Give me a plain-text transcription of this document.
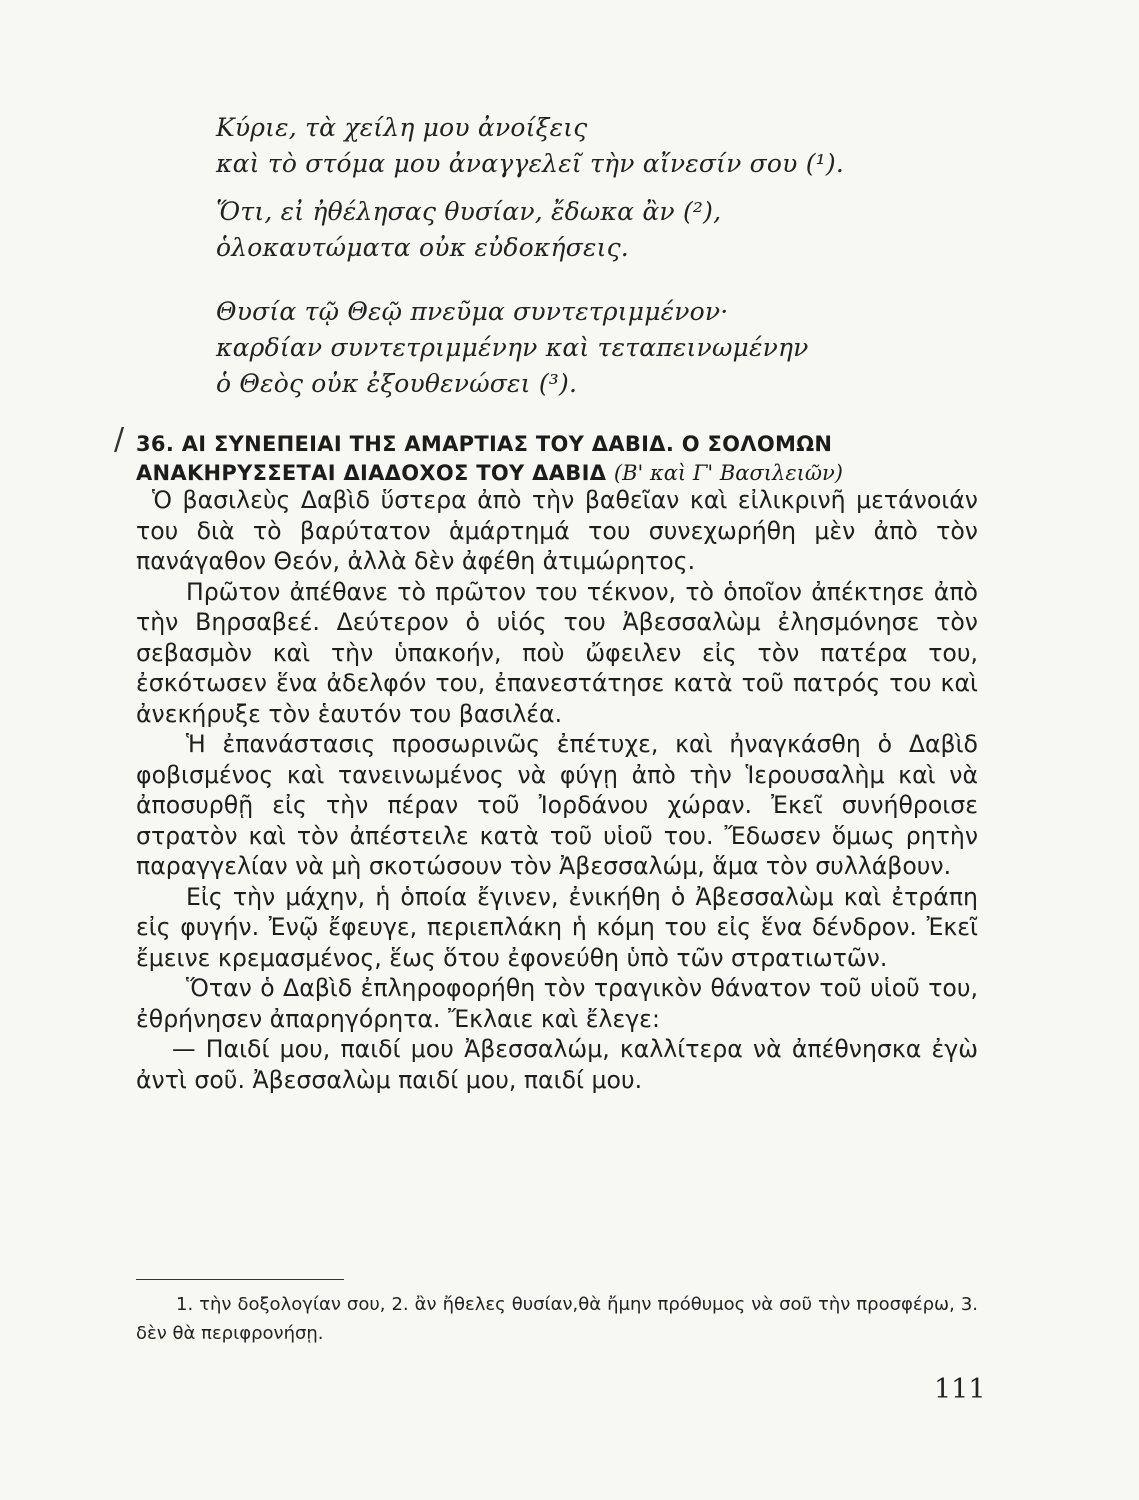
Κύριε, τὰ χείλη μου ἀνοίξεις
καὶ τὸ στόμα μου ἀναγγελεῖ τὴν αἴνεσίν σου (¹).
Ὅτι, εἰ ἠθέλησας θυσίαν, ἔδωκα ἂν (²),
ὁλοκαυτώματα οὐκ εὐδοκήσεις.
Θυσία τῷ Θεῷ πνεῦμα συντετριμμένον·
καρδίαν συντετριμμένην καὶ τεταπεινωμένην
ὁ Θεὸς οὐκ ἐξουθενώσει (³).
/ 36. ΑΙ ΣΥΝΕΠΕΙΑΙ ΤΗΣ ΑΜΑΡΤΙΑΣ ΤΟΥ ΔΑΒΙΔ. Ο ΣΟΛΟΜΩΝ ΑΝΑΚΗΡΥΣΣΕΤΑΙ ΔΙΑΔΟΧΟΣ ΤΟΥ ΔΑΒΙΔ (Β' καὶ Γ' Βασιλειῶν)

Ὁ βασιλεὺς Δαβὶδ ὕστερα ἀπὸ τὴν βαθεῖαν καὶ εἰλικρινῆ μετάνοιάν του διὰ τὸ βαρύτατον ἁμάρτημά του συνεχωρήθη μὲν ἀπὸ τὸν πανάγαθον Θεόν, ἀλλὰ δὲν ἀφέθη ἀτιμώρητος.

Πρῶτον ἀπέθανε τὸ πρῶτον του τέκνον, τὸ ὁποῖον ἀπέκτησε ἀπὸ τὴν Βηρσαβεέ. Δεύτερον ὁ υἱός του Ἀβεσσαλὼμ ἐλησμόνησε τὸν σεβασμὸν καὶ τὴν ὑπακοήν, ποὺ ὤφειλεν εἰς τὸν πατέρα του, ἐσκότωσεν ἕνα ἀδελφόν του, ἐπανεστάτησε κατὰ τοῦ πατρός του καὶ ἀνεκήρυξε τὸν ἑαυτόν του βασιλέα.

Ἡ ἐπανάστασις προσωρινῶς ἐπέτυχε, καὶ ἠναγκάσθη ὁ Δαβὶδ φοβισμένος καὶ τανεινωμένος νὰ φύγῃ ἀπὸ τὴν Ἱερουσαλὴμ καὶ νὰ ἀποσυρθῇ εἰς τὴν πέραν τοῦ Ἰορδάνου χώραν. Ἐκεῖ συνήθροισε στρατὸν καὶ τὸν ἀπέστειλε κατὰ τοῦ υἱοῦ του. Ἔδωσεν ὅμως ρητὴν παραγγελίαν νὰ μὴ σκοτώσουν τὸν Ἀβεσσαλώμ, ἅμα τὸν συλλάβουν.

Εἰς τὴν μάχην, ἡ ὁποία ἔγινεν, ἐνικήθη ὁ Ἀβεσσαλὼμ καὶ ἐτράπη εἰς φυγήν. Ἐνῷ ἔφευγε, περιεπλάκη ἡ κόμη του εἰς ἕνα δένδρον. Ἐκεῖ ἔμεινε κρεμασμένος, ἕως ὅτου ἐφονεύθη ὑπὸ τῶν στρατιωτῶν.

Ὅταν ὁ Δαβὶδ ἐπληροφορήθη τὸν τραγικὸν θάνατον τοῦ υἱοῦ του, ἐθρήνησεν ἀπαρηγόρητα. Ἔκλαιε καὶ ἔλεγε:

— Παιδί μου, παιδί μου Ἀβεσσαλώμ, καλλίτερα νὰ ἀπέθνησκα ἐγὼ ἀντὶ σοῦ. Ἀβεσσαλὼμ παιδί μου, παιδί μου.

1. τὴν δοξολογίαν σου, 2. ἂν ἤθελες θυσίαν,θὰ ἤμην πρόθυμος νὰ σοῦ τὴν προσφέρω, 3. δὲν θὰ περιφρονήσῃ.
111
